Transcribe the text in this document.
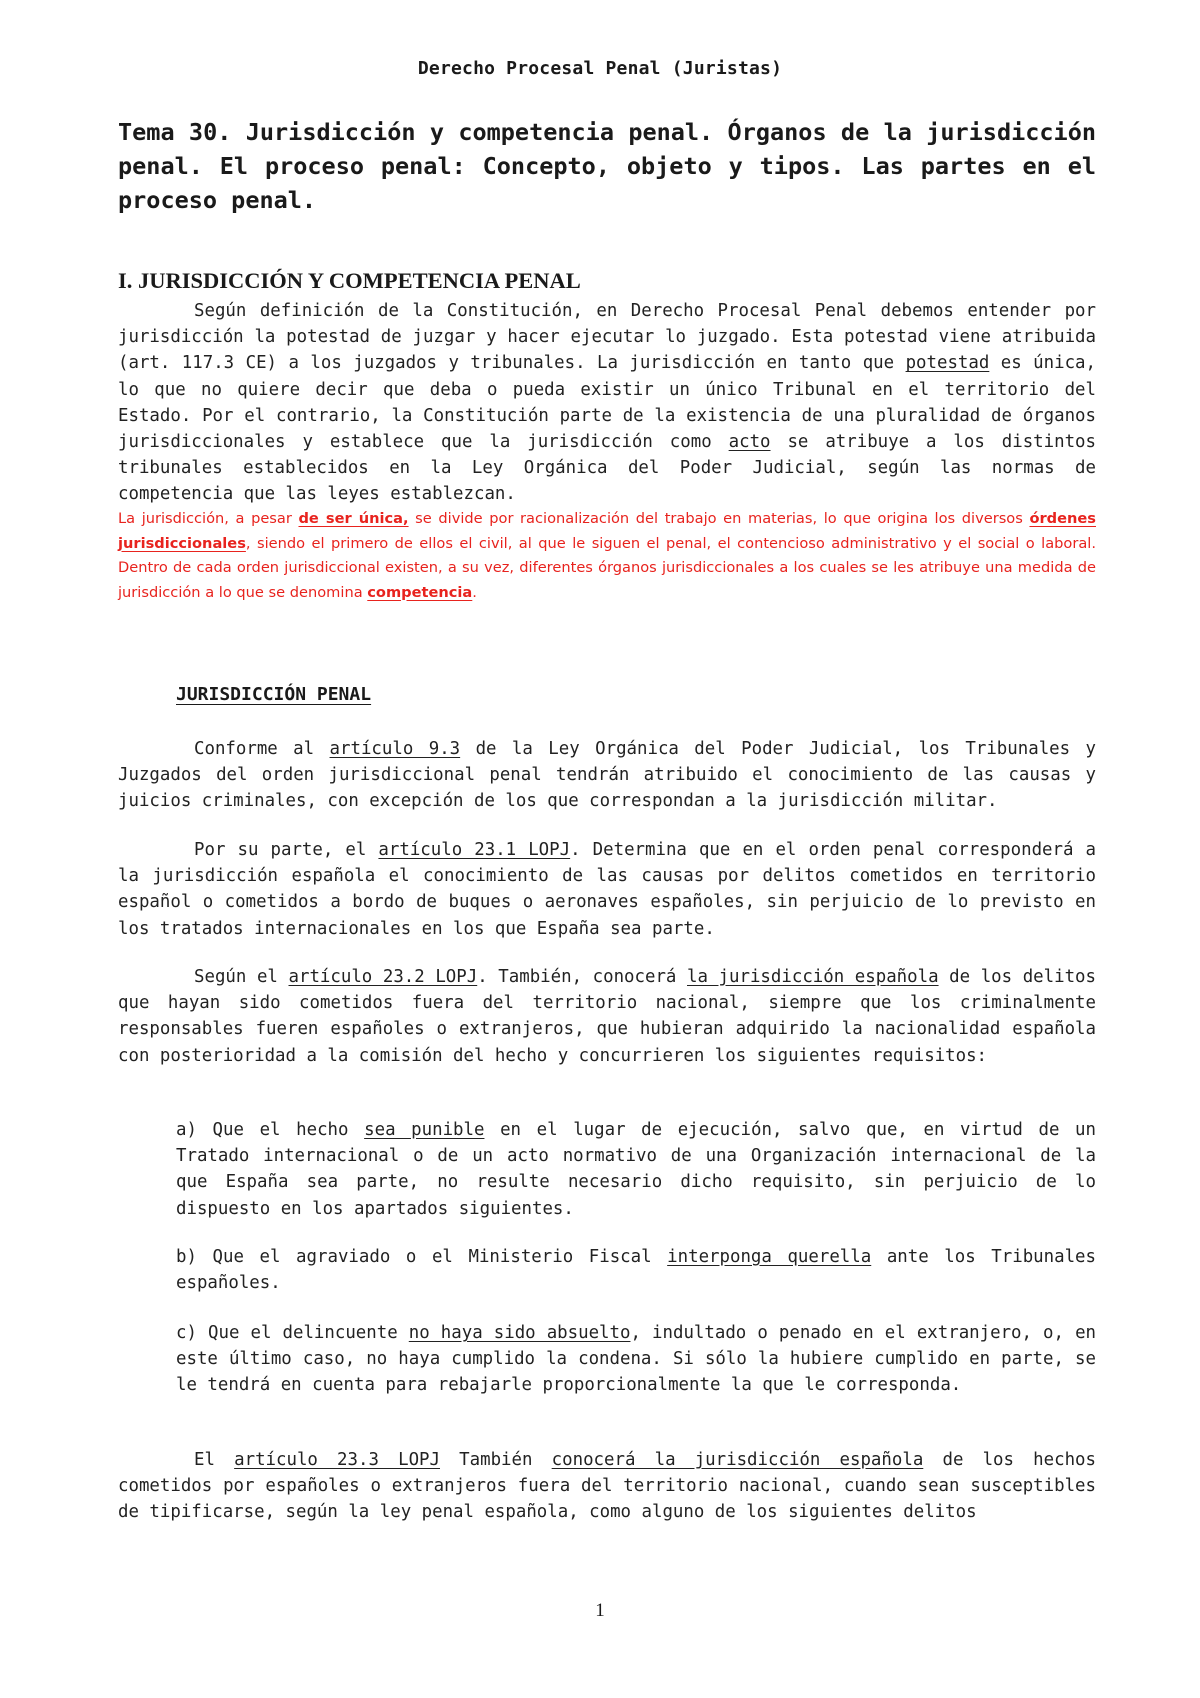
Derecho Procesal Penal (Juristas)
Tema 30. Jurisdicción y competencia penal. Órganos de la jurisdicción penal. El proceso penal: Concepto, objeto y tipos. Las partes en el proceso penal.
I. JURISDICCIÓN Y COMPETENCIA PENAL

Según definición de la Constitución, en Derecho Procesal Penal debemos entender por jurisdicción la potestad de juzgar y hacer ejecutar lo juzgado. Esta potestad viene atribuida (art. 117.3 CE) a los juzgados y tribunales. La jurisdicción en tanto que potestad es única, lo que no quiere decir que deba o pueda existir un único Tribunal en el territorio del Estado. Por el contrario, la Constitución parte de la existencia de una pluralidad de órganos jurisdiccionales y establece que la jurisdicción como acto se atribuye a los distintos tribunales establecidos en la Ley Orgánica del Poder Judicial, según las normas de competencia que las leyes establezcan.

La jurisdicción, a pesar de ser única, se divide por racionalización del trabajo en materias, lo que origina los diversos órdenes jurisdiccionales, siendo el primero de ellos el civil, al que le siguen el penal, el contencioso administrativo y el social o laboral. Dentro de cada orden jurisdiccional existen, a su vez, diferentes órganos jurisdiccionales a los cuales se les atribuye una medida de jurisdicción a lo que se denomina competencia.

JURISDICCIÓN PENAL

Conforme al artículo 9.3 de la Ley Orgánica del Poder Judicial, los Tribunales y Juzgados del orden jurisdiccional penal tendrán atribuido el conocimiento de las causas y juicios criminales, con excepción de los que correspondan a la jurisdicción militar.

Por su parte, el artículo 23.1 LOPJ. Determina que en el orden penal corresponderá a la jurisdicción española el conocimiento de las causas por delitos cometidos en territorio español o cometidos a bordo de buques o aeronaves españoles, sin perjuicio de lo previsto en los tratados internacionales en los que España sea parte.

Según el artículo 23.2 LOPJ. También, conocerá la jurisdicción española de los delitos que hayan sido cometidos fuera del territorio nacional, siempre que los criminalmente responsables fueren españoles o extranjeros, que hubieran adquirido la nacionalidad española con posterioridad a la comisión del hecho y concurrieren los siguientes requisitos:

a) Que el hecho sea punible en el lugar de ejecución, salvo que, en virtud de un Tratado internacional o de un acto normativo de una Organización internacional de la que España sea parte, no resulte necesario dicho requisito, sin perjuicio de lo dispuesto en los apartados siguientes.

b) Que el agraviado o el Ministerio Fiscal interponga querella ante los Tribunales españoles.

c) Que el delincuente no haya sido absuelto, indultado o penado en el extranjero, o, en este último caso, no haya cumplido la condena. Si sólo la hubiere cumplido en parte, se le tendrá en cuenta para rebajarle proporcionalmente la que le corresponda.

El artículo 23.3 LOPJ También conocerá la jurisdicción española de los hechos cometidos por españoles o extranjeros fuera del territorio nacional, cuando sean susceptibles de tipificarse, según la ley penal española, como alguno de los siguientes delitos

1
